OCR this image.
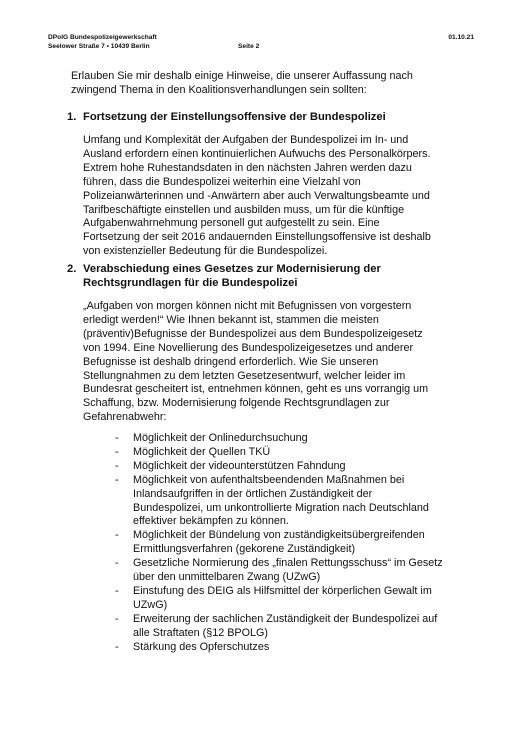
DPolG Bundespolizeigewerkschaft
Seelower Straße 7 • 10439 Berlin	Seite 2
01.10.21
Erlauben Sie mir deshalb einige Hinweise, die unserer Auffassung nach
zwingend Thema in den Koalitionsverhandlungen sein sollten:
1. Fortsetzung der Einstellungsoffensive der Bundespolizei
Umfang und Komplexität der Aufgaben der Bundespolizei im In- und
Ausland erfordern einen kontinuierlichen Aufwuchs des Personalkörpers.
Extrem hohe Ruhestandsdaten in den nächsten Jahren werden dazu
führen, dass die Bundespolizei weiterhin eine Vielzahl von
Polizeianwärterinnen und -Anwärtern aber auch Verwaltungsbeamte und
Tarifbeschäftigte einstellen und ausbilden muss, um für die künftige
Aufgabenwahrnehmung personell gut aufgestellt zu sein. Eine
Fortsetzung der seit 2016 andauernden Einstellungsoffensive ist deshalb
von existenzieller Bedeutung für die Bundespolizei.
2. Verabschiedung eines Gesetzes zur Modernisierung der
Rechtsgrundlagen für die Bundespolizei
„Aufgaben von morgen können nicht mit Befugnissen von vorgestern
erledigt werden!“ Wie Ihnen bekannt ist, stammen die meisten
(präventiv)Befugnisse der Bundespolizei aus dem Bundespolizeigesetz
von 1994. Eine Novellierung des Bundespolizeigesetzes und anderer
Befugnisse ist deshalb dringend erforderlich. Wie Sie unseren
Stellungnahmen zu dem letzten Gesetzesentwurf, welcher leider im
Bundesrat gescheitert ist, entnehmen können, geht es uns vorrangig um
Schaffung, bzw. Modernisierung folgende Rechtsgrundlagen zur
Gefahrenabwehr:
- Möglichkeit der Onlinedurchsuchung
- Möglichkeit der Quellen TKÜ
- Möglichkeit der videounterstützen Fahndung
- Möglichkeit von aufenthaltsbeendenden Maßnahmen bei
Inlandsaufgriffen in der örtlichen Zuständigkeit der
Bundespolizei, um unkontrollierte Migration nach Deutschland
effektiver bekämpfen zu können.
- Möglichkeit der Bündelung von zuständigkeitsübergreifenden
Ermittlungsverfahren (gekorene Zuständigkeit)
- Gesetzliche Normierung des „finalen Rettungsschuss“ im Gesetz
über den unmittelbaren Zwang (UZwG)
- Einstufung des DEIG als Hilfsmittel der körperlichen Gewalt im
UZwG)
- Erweiterung der sachlichen Zuständigkeit der Bundespolizei auf
alle Straftaten (§12 BPOLG)
- Stärkung des Opferschutzes
